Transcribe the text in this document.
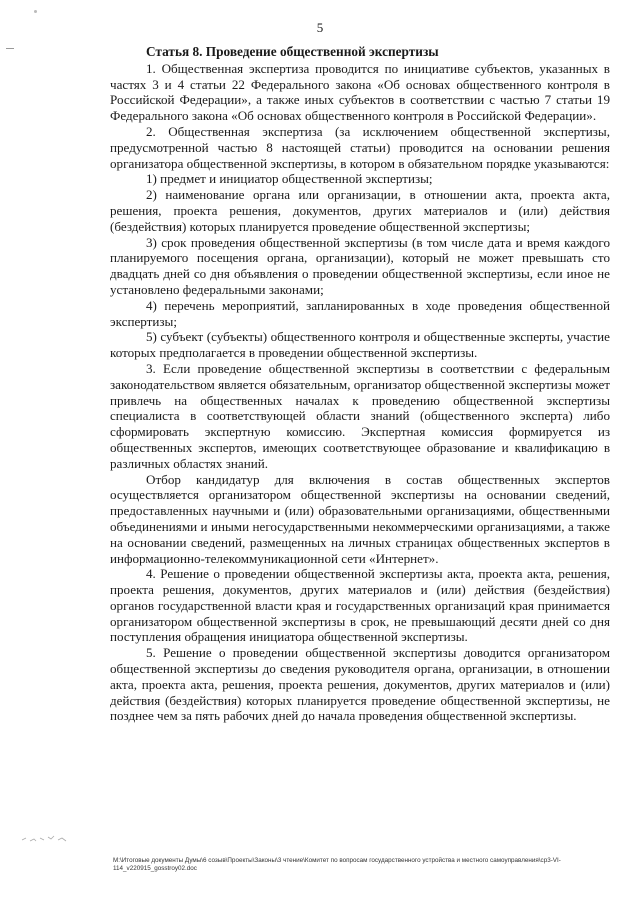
5

Статья 8. Проведение общественной экспертизы

1. Общественная экспертиза проводится по инициативе субъектов, указанных в частях 3 и 4 статьи 22 Федерального закона «Об основах общественного контроля в Российской Федерации», а также иных субъектов в соответствии с частью 7 статьи 19 Федерального закона «Об основах общественного контроля в Российской Федерации».

2. Общественная экспертиза (за исключением общественной экспертизы, предусмотренной частью 8 настоящей статьи) проводится на основании решения организатора общественной экспертизы, в котором в обязательном порядке указываются:

1) предмет и инициатор общественной экспертизы;

2) наименование органа или организации, в отношении акта, проекта акта, решения, проекта решения, документов, других материалов и (или) действия (бездействия) которых планируется проведение общественной экспертизы;

3) срок проведения общественной экспертизы (в том числе дата и время каждого планируемого посещения органа, организации), который не может превышать сто двадцать дней со дня объявления о проведении общественной экспертизы, если иное не установлено федеральными законами;

4) перечень мероприятий, запланированных в ходе проведения общественной экспертизы;

5) субъект (субъекты) общественного контроля и общественные эксперты, участие которых предполагается в проведении общественной экспертизы.

3. Если проведение общественной экспертизы в соответствии с федеральным законодательством является обязательным, организатор общественной экспертизы может привлечь на общественных началах к проведению общественной экспертизы специалиста в соответствующей области знаний (общественного эксперта) либо сформировать экспертную комиссию. Экспертная комиссия формируется из общественных экспертов, имеющих соответствующее образование и квалификацию в различных областях знаний.

Отбор кандидатур для включения в состав общественных экспертов осуществляется организатором общественной экспертизы на основании сведений, предоставленных научными и (или) образовательными организациями, общественными объединениями и иными негосударственными некоммерческими организациями, а также на основании сведений, размещенных на личных страницах общественных экспертов в информационно-телекоммуникационной сети «Интернет».

4. Решение о проведении общественной экспертизы акта, проекта акта, решения, проекта решения, документов, других материалов и (или) действия (бездействия) органов государственной власти края и государственных организаций края принимается организатором общественной экспертизы в срок, не превышающий десяти дней со дня поступления обращения инициатора общественной экспертизы.

5. Решение о проведении общественной экспертизы доводится организатором общественной экспертизы до сведения руководителя органа, организации, в отношении акта, проекта акта, решения, проекта решения, документов, других материалов и (или) действия (бездействия) которых планируется проведение общественной экспертизы, не позднее чем за пять рабочих дней до начала проведения общественной экспертизы.

M:\Итоговые документы Думы\6 созыв\Проекты\Законы\3 чтение\Комитет по вопросам государственного устройства и местного самоуправления\ср3-VI-114_v220915_gosstroy02.doc
